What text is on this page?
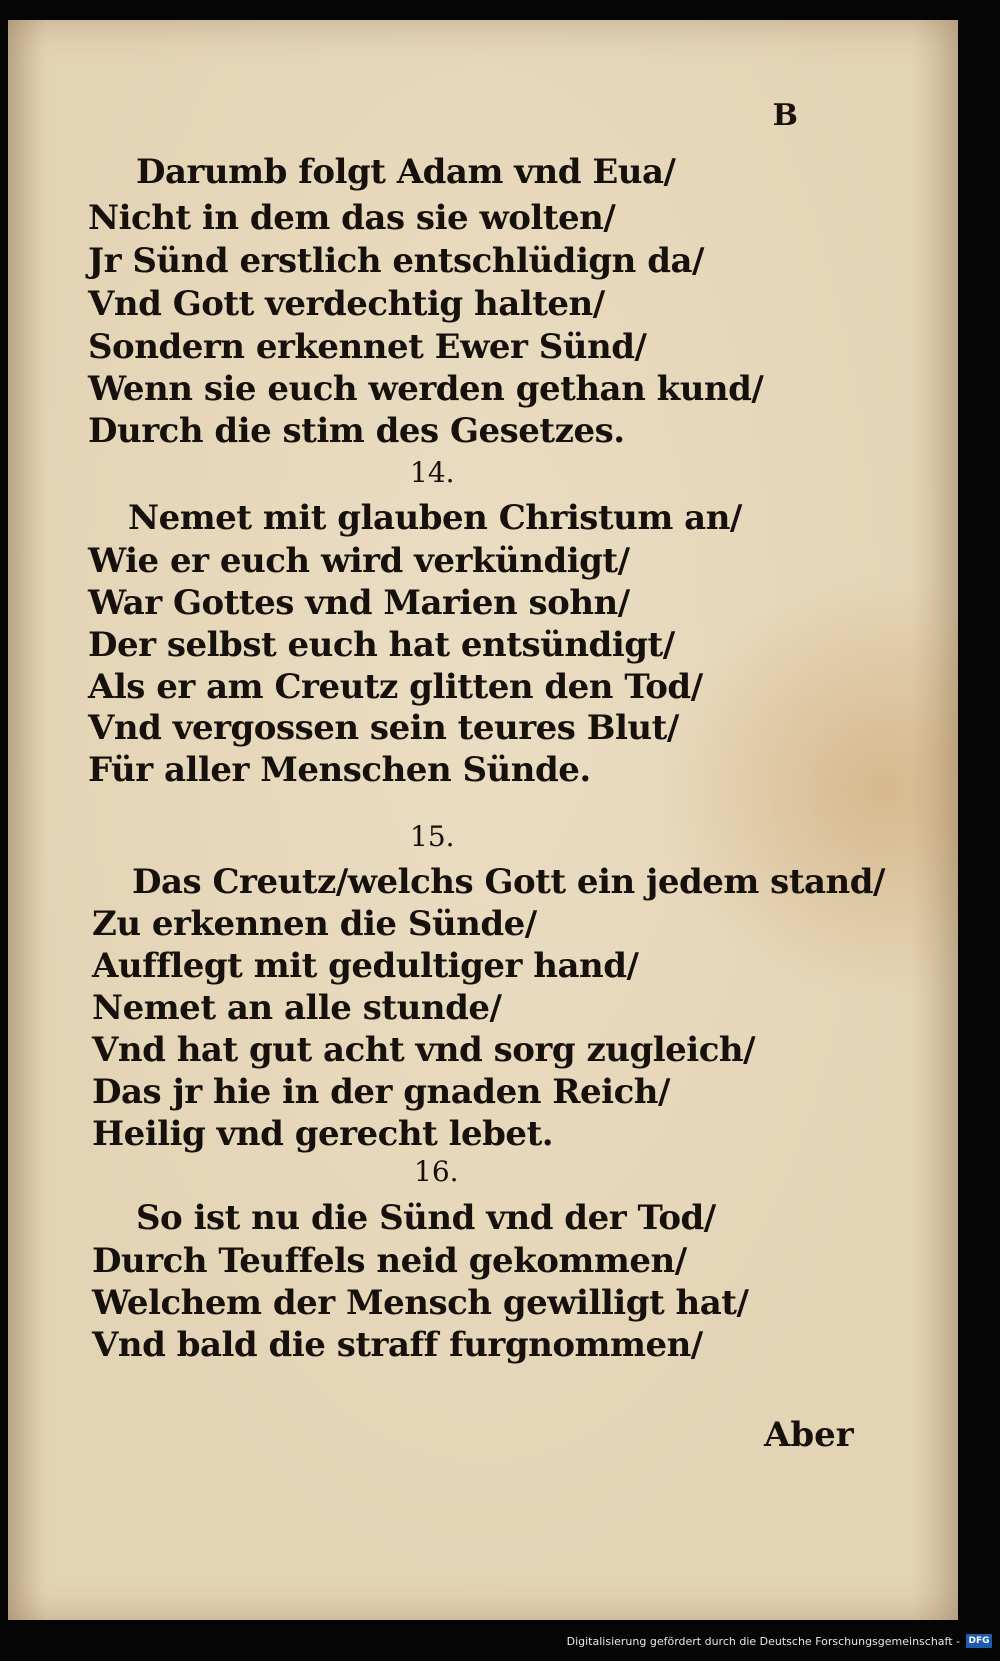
B
Darumb folgt Adam vnd Eua/
Nicht in dem das sie wolten/
Jr Sünd erstlich entschlüdign da/
Vnd Gott verdechtig halten/
Sondern erkennet Ewer Sünd/
Wenn sie euch werden gethan kund/
Durch die stim des Gesetzes.
14.
Nemet mit glauben Christum an/
Wie er euch wird verkündigt/
War Gottes vnd Marien sohn/
Der selbst euch hat entsündigt/
Als er am Creutz glitten den Tod/
Vnd vergossen sein teures Blut/
Für aller Menschen Sünde.
15.
Das Creutz/welchs Gott ein jedem stand/
Zu erkennen die Sünde/
Aufflegt mit gedultiger hand/
Nemet an alle stunde/
Vnd hat gut acht vnd sorg zugleich/
Das jr hie in der gnaden Reich/
Heilig vnd gerecht lebet.
16.
So ist nu die Sünd vnd der Tod/
Durch Teuffels neid gekommen/
Welchem der Mensch gewilligt hat/
Vnd bald die straff furgnommen/
Aber
Digitalisierung gefördert durch die Deutsche Forschungsgemeinschaft - DFG
